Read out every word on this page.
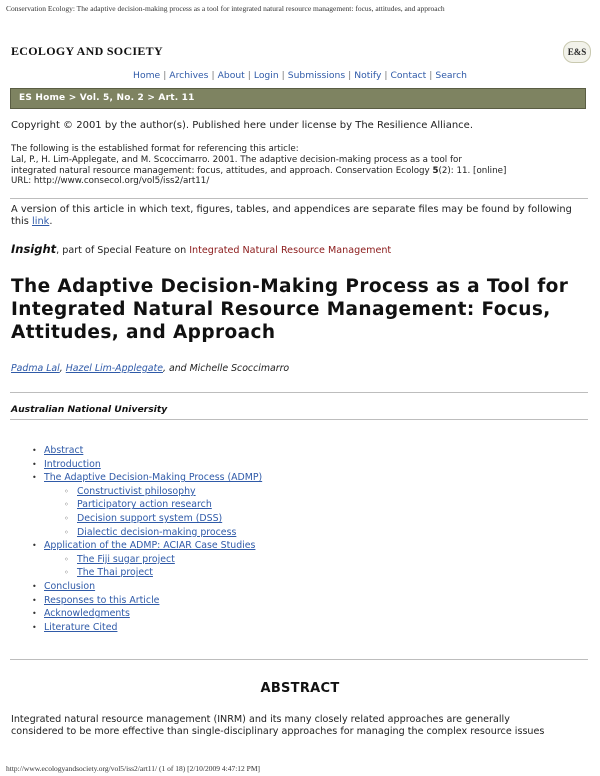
Conservation Ecology: The adaptive decision-making process as a tool for integrated natural resource management: focus, attitudes, and approach
ECOLOGY AND SOCIETY	E&S
Home | Archives | About | Login | Submissions | Notify | Contact | Search
ES Home > Vol. 5, No. 2 > Art. 11
Copyright © 2001 by the author(s). Published here under license by The Resilience Alliance.
The following is the established format for referencing this article:
Lal, P., H. Lim-Applegate, and M. Scoccimarro. 2001. The adaptive decision-making process as a tool for
integrated natural resource management: focus, attitudes, and approach. Conservation Ecology 5(2): 11. [online]
URL: http://www.consecol.org/vol5/iss2/art11/
A version of this article in which text, figures, tables, and appendices are separate files may be found by following this link.
Insight, part of Special Feature on Integrated Natural Resource Management
The Adaptive Decision-Making Process as a Tool for Integrated Natural Resource Management: Focus, Attitudes, and Approach
Padma Lal, Hazel Lim-Applegate, and Michelle Scoccimarro
Australian National University
• Abstract
• Introduction
• The Adaptive Decision-Making Process (ADMP)
◦ Constructivist philosophy
◦ Participatory action research
◦ Decision support system (DSS)
◦ Dialectic decision-making process
• Application of the ADMP: ACIAR Case Studies
◦ The Fiji sugar project
◦ The Thai project
• Conclusion
• Responses to this Article
• Acknowledgments
• Literature Cited
ABSTRACT
Integrated natural resource management (INRM) and its many closely related approaches are generally
considered to be more effective than single-disciplinary approaches for managing the complex resource issues
http://www.ecologyandsociety.org/vol5/iss2/art11/ (1 of 18) [2/10/2009 4:47:12 PM]
